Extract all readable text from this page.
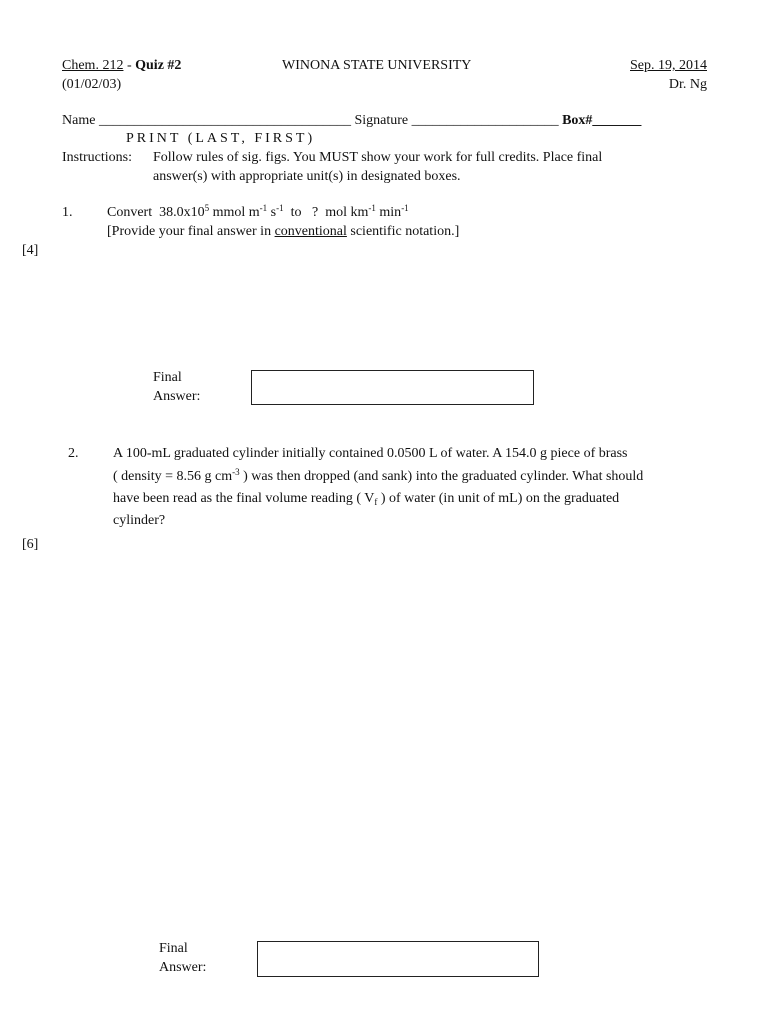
Chem. 212 - Quiz #2
(01/02/03)
WINONA STATE UNIVERSITY	Sep. 19, 2014
Dr. Ng
Name ____________________________________ Signature _____________________ Box#_______
PRINT (LAST, FIRST)
Instructions: Follow rules of sig. figs. You MUST show your work for full credits. Place final
answer(s) with appropriate unit(s) in designated boxes.
1. Convert $38.0x10^5$ mmol $m^{-1}$ $s^{-1}$ to ? mol $km^{-1}$ $\min^{-1}$
[Provide your final answer in conventional scientific notation.]
[4]
Final
Answer:
2. A 100-mL graduated cylinder initially contained 0.0500 L of water. A 154.0 g piece of brass
( density = 8.56 g $cm^{-3}$ ) was then dropped (and sank) into the graduated cylinder. What should
have been read as the final volume reading ( $V_f$ ) of water (in unit of mL) on the graduated
cylinder?
[6]
Final
Answer:
